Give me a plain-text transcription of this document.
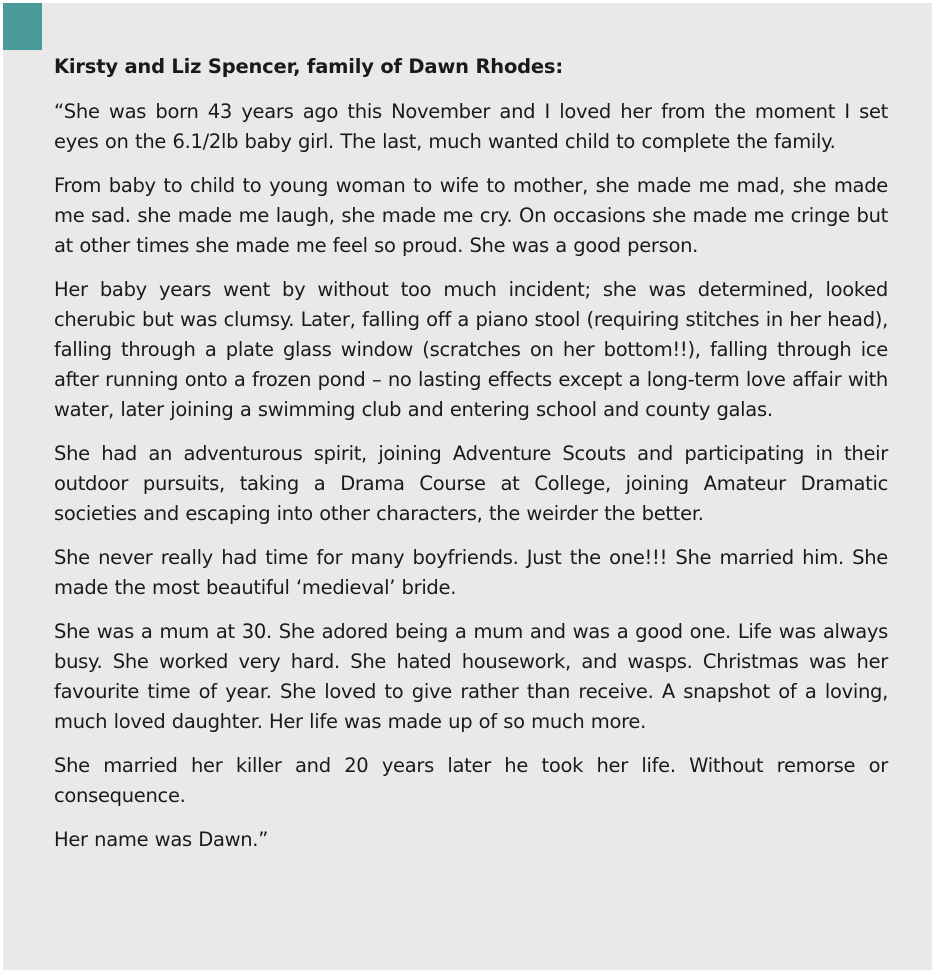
Kirsty and Liz Spencer, family of Dawn Rhodes:

“She was born 43 years ago this November and I loved her from the moment I set eyes on the 6.1/2lb baby girl. The last, much wanted child to complete the family.

From baby to child to young woman to wife to mother, she made me mad, she made me sad. she made me laugh, she made me cry. On occasions she made me cringe but at other times she made me feel so proud. She was a good person.

Her baby years went by without too much incident; she was determined, looked cherubic but was clumsy. Later, falling off a piano stool (requiring stitches in her head), falling through a plate glass window (scratches on her bottom!!), falling through ice after running onto a frozen pond – no lasting effects except a long-term love affair with water, later joining a swimming club and entering school and county galas.

She had an adventurous spirit, joining Adventure Scouts and participating in their outdoor pursuits, taking a Drama Course at College, joining Amateur Dramatic societies and escaping into other characters, the weirder the better.

She never really had time for many boyfriends. Just the one!!! She married him. She made the most beautiful ‘medieval’ bride.

She was a mum at 30. She adored being a mum and was a good one. Life was always busy. She worked very hard. She hated housework, and wasps. Christmas was her favourite time of year. She loved to give rather than receive. A snapshot of a loving, much loved daughter. Her life was made up of so much more.

She married her killer and 20 years later he took her life. Without remorse or consequence.

Her name was Dawn.”
